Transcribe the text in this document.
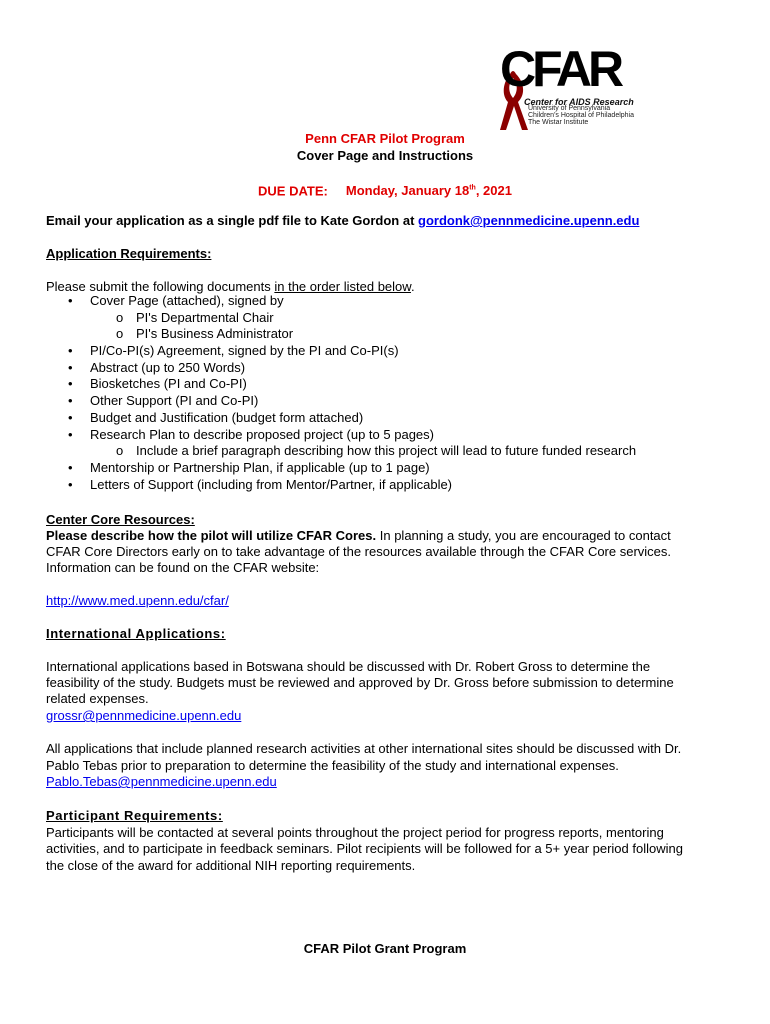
CFAR
Center for AIDS Research
University of Pennsylvania
Children's Hospital of Philadelphia
The Wistar Institute
Penn CFAR Pilot Program
Cover Page and Instructions
DUE DATE: Monday, January 18th, 2021
Email your application as a single pdf file to Kate Gordon at gordonk@pennmedicine.upenn.edu
Application Requirements:
Please submit the following documents in the order listed below.
•	Cover Page (attached), signed by
o PI's Departmental Chair
o PI's Business Administrator
•	PI/Co-PI(s) Agreement, signed by the PI and Co-PI(s)
•	Abstract (up to 250 Words)
•	Biosketches (PI and Co-PI)
•	Other Support (PI and Co-PI)
•	Budget and Justification (budget form attached)
•	Research Plan to describe proposed project (up to 5 pages)
o Include a brief paragraph describing how this project will lead to future funded research
•	Mentorship or Partnership Plan, if applicable (up to 1 page)
•	Letters of Support (including from Mentor/Partner, if applicable)
Center Core Resources:
Please describe how the pilot will utilize CFAR Cores. In planning a study, you are encouraged to contact
CFAR Core Directors early on to take advantage of the resources available through the CFAR Core services.
Information can be found on the CFAR website:
http://www.med.upenn.edu/cfar/
International Applications:
International applications based in Botswana should be discussed with Dr. Robert Gross to determine the
feasibility of the study. Budgets must be reviewed and approved by Dr. Gross before submission to determine
related expenses.
grossr@pennmedicine.upenn.edu
All applications that include planned research activities at other international sites should be discussed with Dr.
Pablo Tebas prior to preparation to determine the feasibility of the study and international expenses.
Pablo.Tebas@pennmedicine.upenn.edu
Participant Requirements:
Participants will be contacted at several points throughout the project period for progress reports, mentoring
activities, and to participate in feedback seminars. Pilot recipients will be followed for a 5+ year period following
the close of the award for additional NIH reporting requirements.
CFAR Pilot Grant Program
